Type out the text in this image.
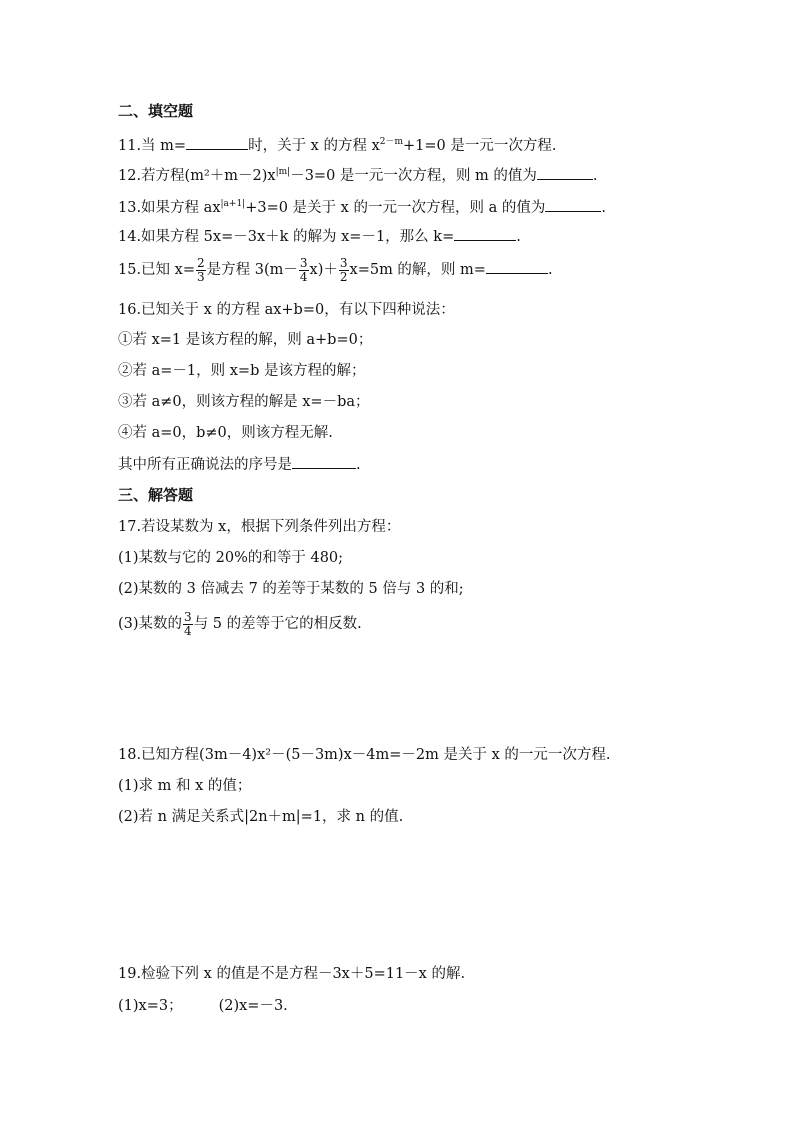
二、填空题
11.当 m=	时，关于 x 的方程 $x^{2-m}+1=0$ 是一元一次方程.
12.若方程$(m^2+m-2)x^{|m|}-3=0$ 是一元一次方程，则 m 的值为	.
13.如果方程 $ax^{|a+1|}+3=0$ 是关于 x 的一元一次方程，则 a 的值为	.
14.如果方程 5x=－3x＋k 的解为 x=－1，那么 k=	.
15.已知 $x= \frac{2}{3}$ 是方程 $3(m- \frac{3}{4} x)+ \frac{3}{2} x=5m$ 的解，则 m=	.
16.已知关于 x 的方程 ax+b=0，有以下四种说法：
①若 x=1 是该方程的解，则 a+b=0；
②若 a=－1，则 x=b 是该方程的解；
③若 a≠0，则该方程的解是 x=－ba；
④若 a=0，b≠0，则该方程无解.
其中所有正确说法的序号是	.
三、解答题
17.若设某数为 x，根据下列条件列出方程：
(1)某数与它的 20%的和等于 480;
(2)某数的 3 倍减去 7 的差等于某数的 5 倍与 3 的和;
(3)某数的 $\frac{3}{4}$ 与 5 的差等于它的相反数.
18.已知方程(3m－4)x²－(5－3m)x－4m=－2m 是关于 x 的一元一次方程.
(1)求 m 和 x 的值；
(2)若 n 满足关系式|2n＋m|=1，求 n 的值.
19.检验下列 x 的值是不是方程－3x＋5=11－x 的解.
(1)x=3； (2)x=－3.
